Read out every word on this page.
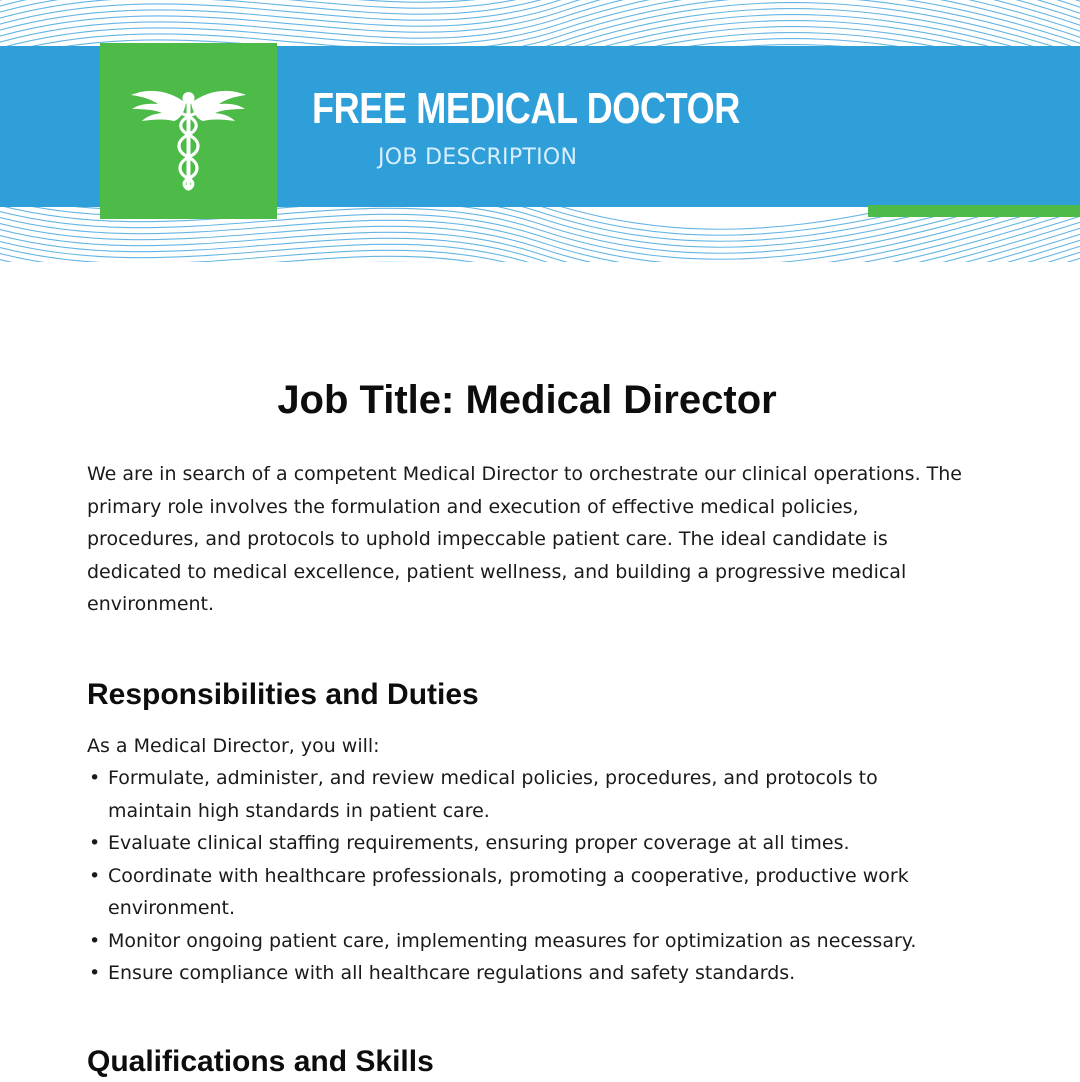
FREE MEDICAL DOCTOR
JOB DESCRIPTION
Job Title: Medical Director

We are in search of a competent Medical Director to orchestrate our clinical operations. The primary role involves the formulation and execution of effective medical policies, procedures, and protocols to uphold impeccable patient care. The ideal candidate is dedicated to medical excellence, patient wellness, and building a progressive medical environment.

Responsibilities and Duties

As a Medical Director, you will:

• Formulate, administer, and review medical policies, procedures, and protocols to maintain high standards in patient care.
• Evaluate clinical staffing requirements, ensuring proper coverage at all times.
• Coordinate with healthcare professionals, promoting a cooperative, productive work environment.
• Monitor ongoing patient care, implementing measures for optimization as necessary.
• Ensure compliance with all healthcare regulations and safety standards.
Qualifications and Skills
